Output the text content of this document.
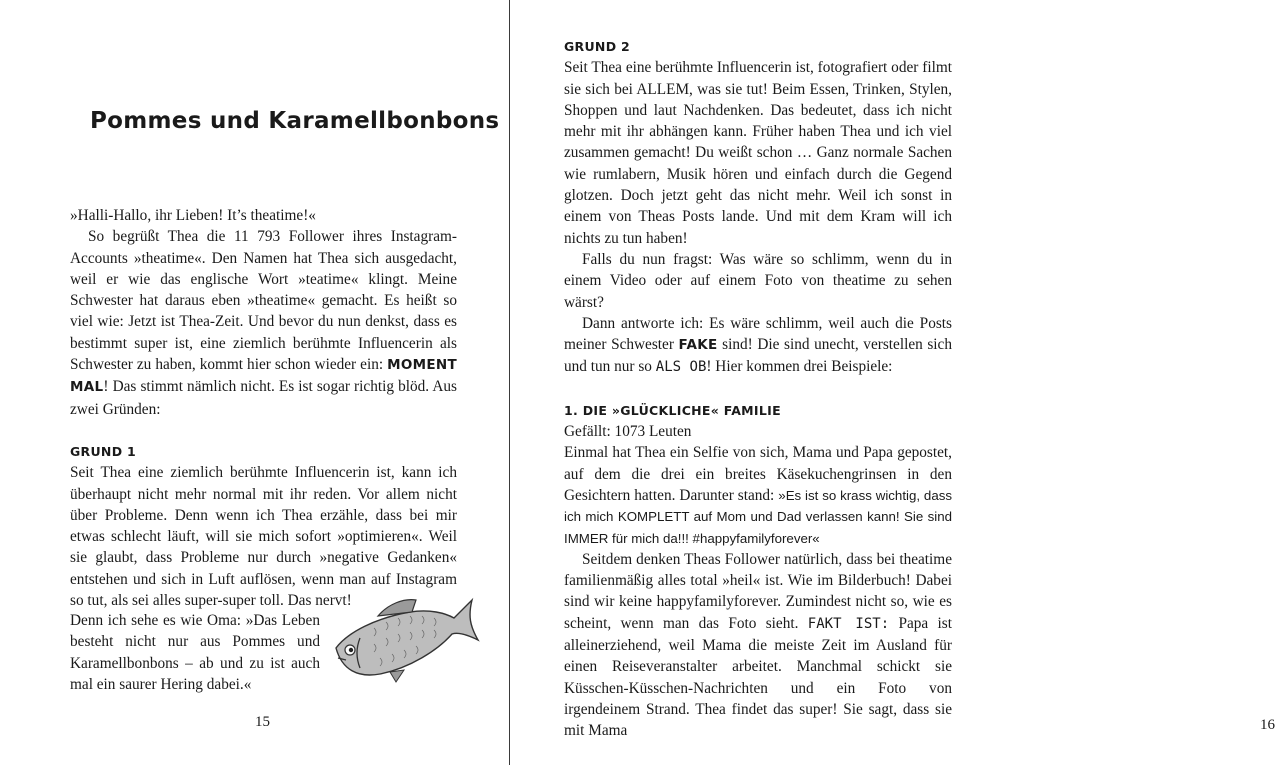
Pommes und Karamellbonbons

»Halli-Hallo, ihr Lieben! It’s theatime!«

So begrüßt Thea die 11 793 Follower ihres Instagram-Accounts »theatime«. Den Namen hat Thea sich ausgedacht, weil er wie das englische Wort »teatime« klingt. Meine Schwester hat daraus eben »theatime« gemacht. Es heißt so viel wie: Jetzt ist Thea-Zeit. Und bevor du nun denkst, dass es bestimmt super ist, eine ziemlich berühmte Influencerin als Schwester zu haben, kommt hier schon wieder ein: MOMENT MAL! Das stimmt nämlich nicht. Es ist sogar richtig blöd. Aus zwei Gründen:

GRUND 1

Seit Thea eine ziemlich berühmte Influencerin ist, kann ich überhaupt nicht mehr normal mit ihr reden. Vor allem nicht über Probleme. Denn wenn ich Thea erzähle, dass bei mir etwas schlecht läuft, will sie mich sofort »optimieren«. Weil sie glaubt, dass Probleme nur durch »negative Gedanken« entstehen und sich in Luft auflösen, wenn man auf Instagram so tut, als sei alles super-super toll. Das nervt!

Denn ich sehe es wie Oma: »Das Leben besteht nicht nur aus Pommes und Karamellbonbons – ab und zu ist auch mal ein saurer Hering dabei.«

15	16

GRUND 2

Seit Thea eine berühmte Influencerin ist, fotografiert oder filmt sie sich bei ALLEM, was sie tut! Beim Essen, Trinken, Stylen, Shoppen und laut Nachdenken. Das bedeutet, dass ich nicht mehr mit ihr abhängen kann. Früher haben Thea und ich viel zusammen gemacht! Du weißt schon … Ganz normale Sachen wie rumlabern, Musik hören und einfach durch die Gegend glotzen. Doch jetzt geht das nicht mehr. Weil ich sonst in einem von Theas Posts lande. Und mit dem Kram will ich nichts zu tun haben!

Falls du nun fragst: Was wäre so schlimm, wenn du in einem Video oder auf einem Foto von theatime zu sehen wärst?

Dann antworte ich: Es wäre schlimm, weil auch die Posts meiner Schwester FAKE sind! Die sind unecht, verstellen sich und tun nur so ALS OB! Hier kommen drei Beispiele:

1. DIE »GLÜCKLICHE« FAMILIE

Gefällt: 1073 Leuten

Einmal hat Thea ein Selfie von sich, Mama und Papa gepostet, auf dem die drei ein breites Käsekuchengrinsen in den Gesichtern hatten. Darunter stand: »Es ist so krass wichtig, dass ich mich KOMPLETT auf Mom und Dad verlassen kann! Sie sind IMMER für mich da!!! #happyfamilyforever«

Seitdem denken Theas Follower natürlich, dass bei theatime familienmäßig alles total »heil« ist. Wie im Bilderbuch! Dabei sind wir keine happyfamilyforever. Zumindest nicht so, wie es scheint, wenn man das Foto sieht. FAKT IST: Papa ist alleinerziehend, weil Mama die meiste Zeit im Ausland für einen Reiseveranstalter arbeitet. Manchmal schickt sie Küsschen-Küsschen-Nachrichten und ein Foto von irgendeinem Strand. Thea findet das super! Sie sagt, dass sie mit Mama
